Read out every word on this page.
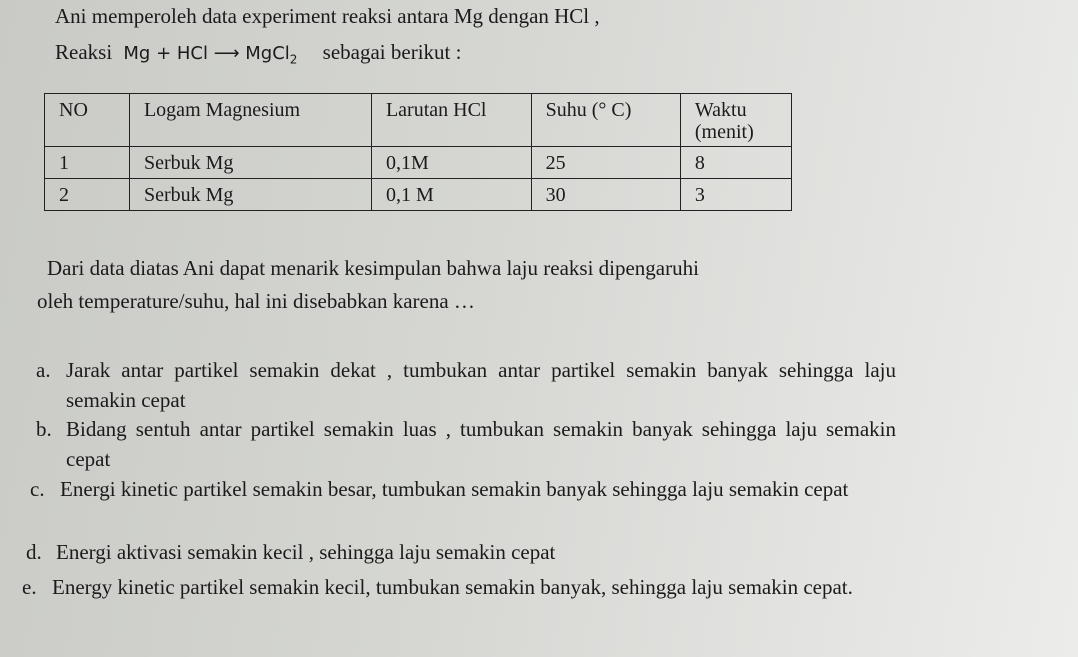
Ani memperoleh data experiment reaksi antara Mg dengan HCl ,
Reaksi Mg + HCl ⟶ MgCl$_2$ sebagai berikut :
NO	Logam Magnesium	Larutan HCl	Suhu (° C)	Waktu (menit)
1	Serbuk Mg	0,1M	25	8
2	Serbuk Mg	0,1 M	30	3
Dari data diatas Ani dapat menarik kesimpulan bahwa laju reaksi dipengaruhi
oleh temperature/suhu, hal ini disebabkan karena …
a. Jarak antar partikel semakin dekat , tumbukan antar partikel semakin banyak sehingga laju semakin cepat
b. Bidang sentuh antar partikel semakin luas , tumbukan semakin banyak sehingga laju semakin cepat
c. Energi kinetic partikel semakin besar, tumbukan semakin banyak sehingga laju semakin cepat
d. Energi aktivasi semakin kecil , sehingga laju semakin cepat
e. Energy kinetic partikel semakin kecil, tumbukan semakin banyak, sehingga laju semakin cepat.
